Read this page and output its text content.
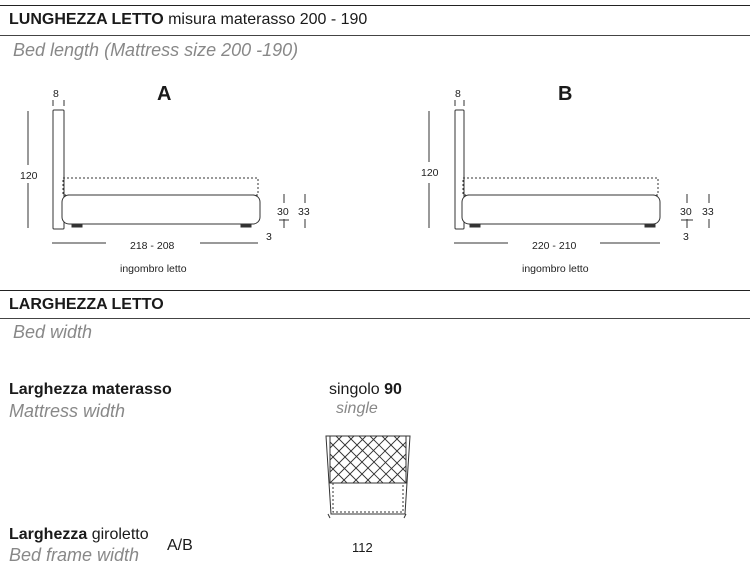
LUNGHEZZA LETTO misura materasso 200 - 190
Bed length (Mattress size 200 -190)
A
8
120
30 33
3
218 - 208
ingombro letto
B
8
120
30 33
3
220 - 210
ingombro letto
LARGHEZZA LETTO
Bed width
Larghezza materasso
Mattress width
singolo 90
single
Larghezza giroletto
A/B
Bed frame width	112
